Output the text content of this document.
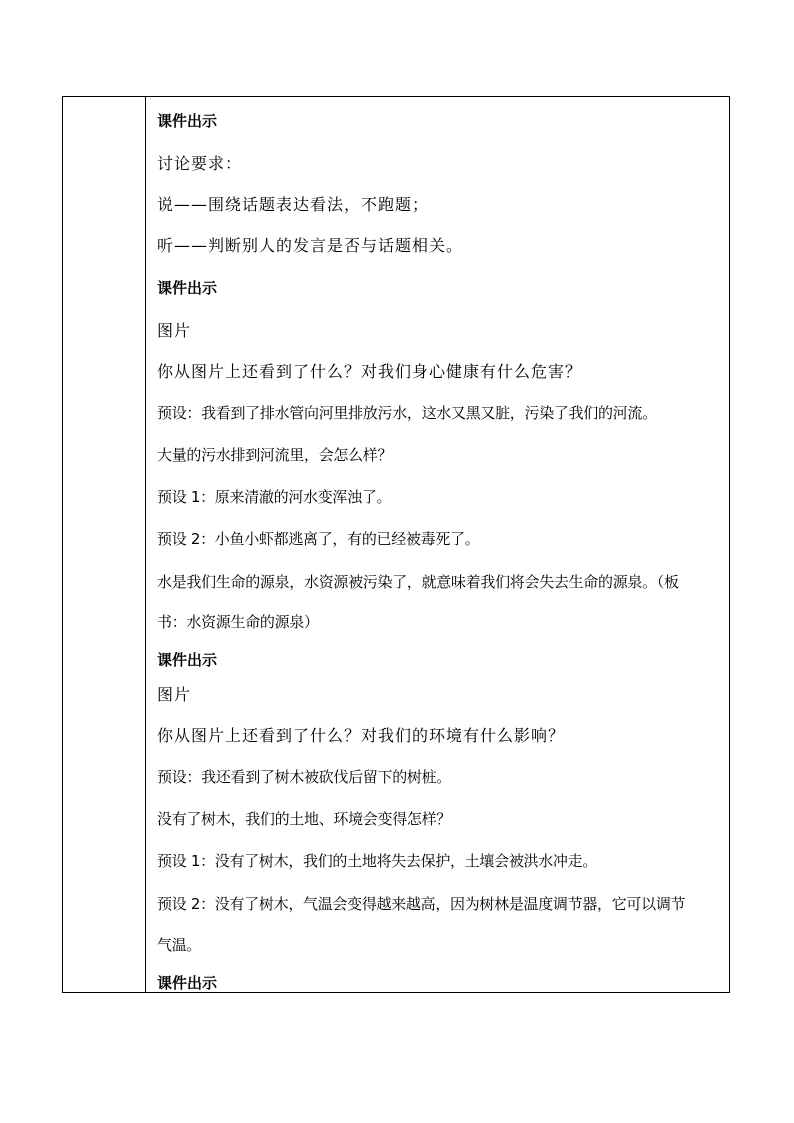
课件出示
讨论要求：
说——围绕话题表达看法，不跑题；
听——判断别人的发言是否与话题相关。
课件出示
图片
你从图片上还看到了什么？对我们身心健康有什么危害？
预设：我看到了排水管向河里排放污水，这水又黑又脏，污染了我们的河流。
大量的污水排到河流里，会怎么样？
预设 1：原来清澈的河水变浑浊了。
预设 2：小鱼小虾都逃离了，有的已经被毒死了。
水是我们生命的源泉，水资源被污染了，就意味着我们将会失去生命的源泉。（板
书：水资源生命的源泉）
课件出示
图片
你从图片上还看到了什么？对我们的环境有什么影响？
预设：我还看到了树木被砍伐后留下的树桩。
没有了树木，我们的土地、环境会变得怎样？
预设 1：没有了树木，我们的土地将失去保护，土壤会被洪水冲走。
预设 2：没有了树木，气温会变得越来越高，因为树林是温度调节器，它可以调节
气温。
课件出示
